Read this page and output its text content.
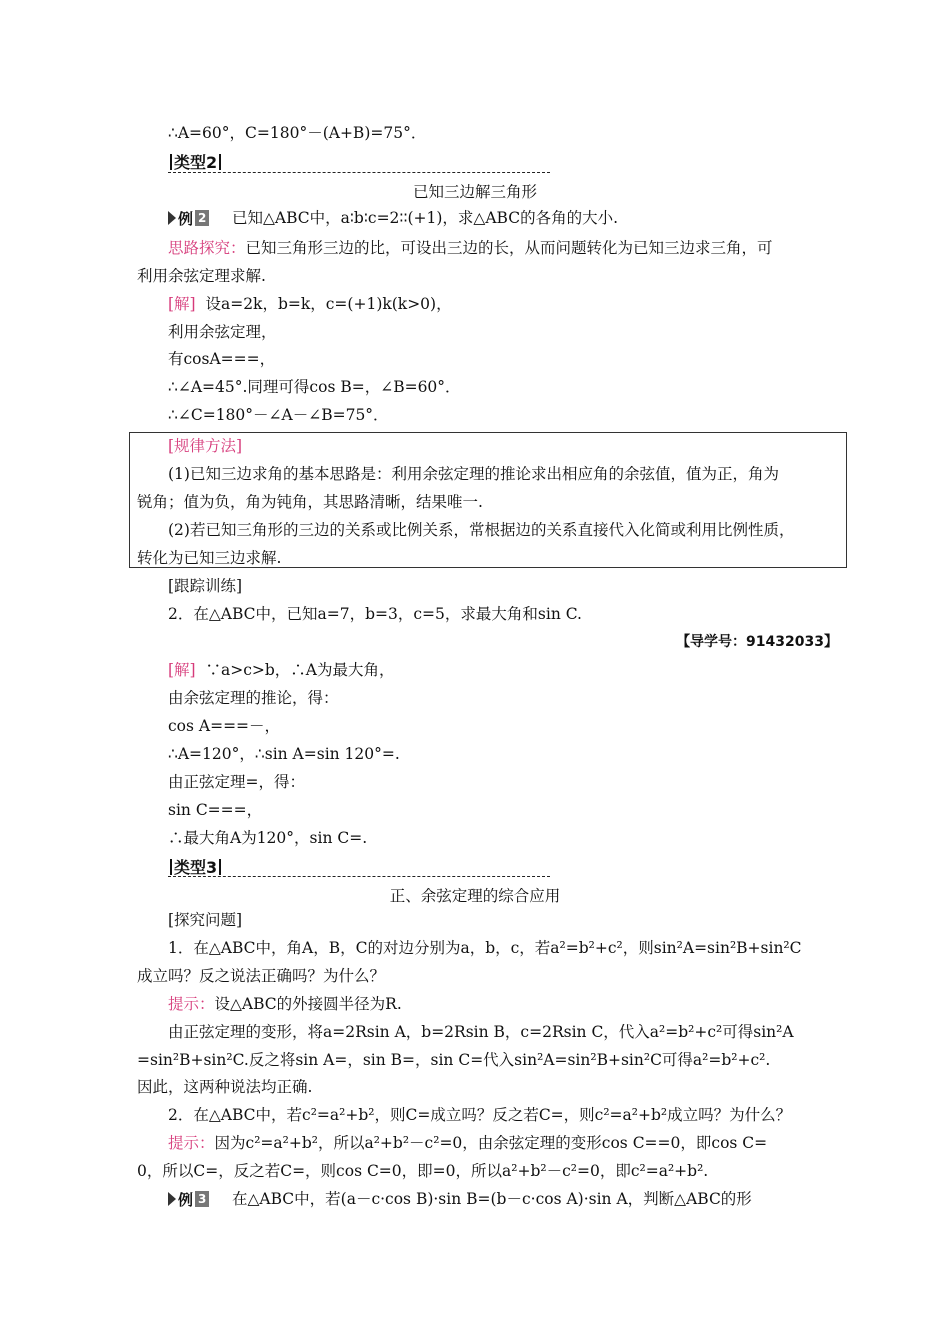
∴A=60°，C=180°－(A+B)=75°．
类型2
已知三边解三角形
例 2 已知△ABC中，a∶b∶c=2∶∶(+1)，求△ABC的各角的大小.
思路探究：已知三角形三边的比，可设出三边的长，从而问题转化为已知三边求三角，可
利用余弦定理求解.
[解] 设a=2k，b=k，c=(+1)k(k>0)，
利用余弦定理，
有cosA===，
∴∠A=45°.同理可得cos B=，∠B=60°．
∴∠C=180°－∠A－∠B=75°．
[规律方法]
(1)已知三边求角的基本思路是：利用余弦定理的推论求出相应角的余弦值，值为正，角为
锐角；值为负，角为钝角，其思路清晰，结果唯一.
(2)若已知三角形的三边的关系或比例关系，常根据边的关系直接代入化简或利用比例性质，
转化为已知三边求解.
[跟踪训练]
2．在△ABC中，已知a=7，b=3，c=5，求最大角和sin C.
【导学号：91432033】
[解] ∵a>c>b，∴A为最大角，
由余弦定理的推论，得：
cos A===－，
∴A=120°，∴sin A=sin 120°=.
由正弦定理=，得：
sin C===，
∴最大角A为120°，sin C=.
类型3
正、余弦定理的综合应用
[探究问题]
1．在△ABC中，角A，B，C的对边分别为a，b，c，若a²=b²+c²，则sin²A=sin²B+sin²C
成立吗？反之说法正确吗？为什么？
提示：设△ABC的外接圆半径为R.
由正弦定理的变形，将a=2Rsin A，b=2Rsin B，c=2Rsin C，代入a²=b²+c²可得sin²A
=sin²B+sin²C.反之将sin A=，sin B=，sin C=代入sin²A=sin²B+sin²C可得a²=b²+c².
因此，这两种说法均正确.
2．在△ABC中，若c²=a²+b²，则C=成立吗？反之若C=，则c²=a²+b²成立吗？为什么？
提示：因为c²=a²+b²，所以a²+b²－c²=0，由余弦定理的变形cos C==0，即cos C=
0，所以C=，反之若C=，则cos C=0，即=0，所以a²+b²－c²=0，即c²=a²+b².
例 3 在△ABC中，若(a－c·cos B)·sin B=(b－c·cos A)·sin A，判断△ABC的形
